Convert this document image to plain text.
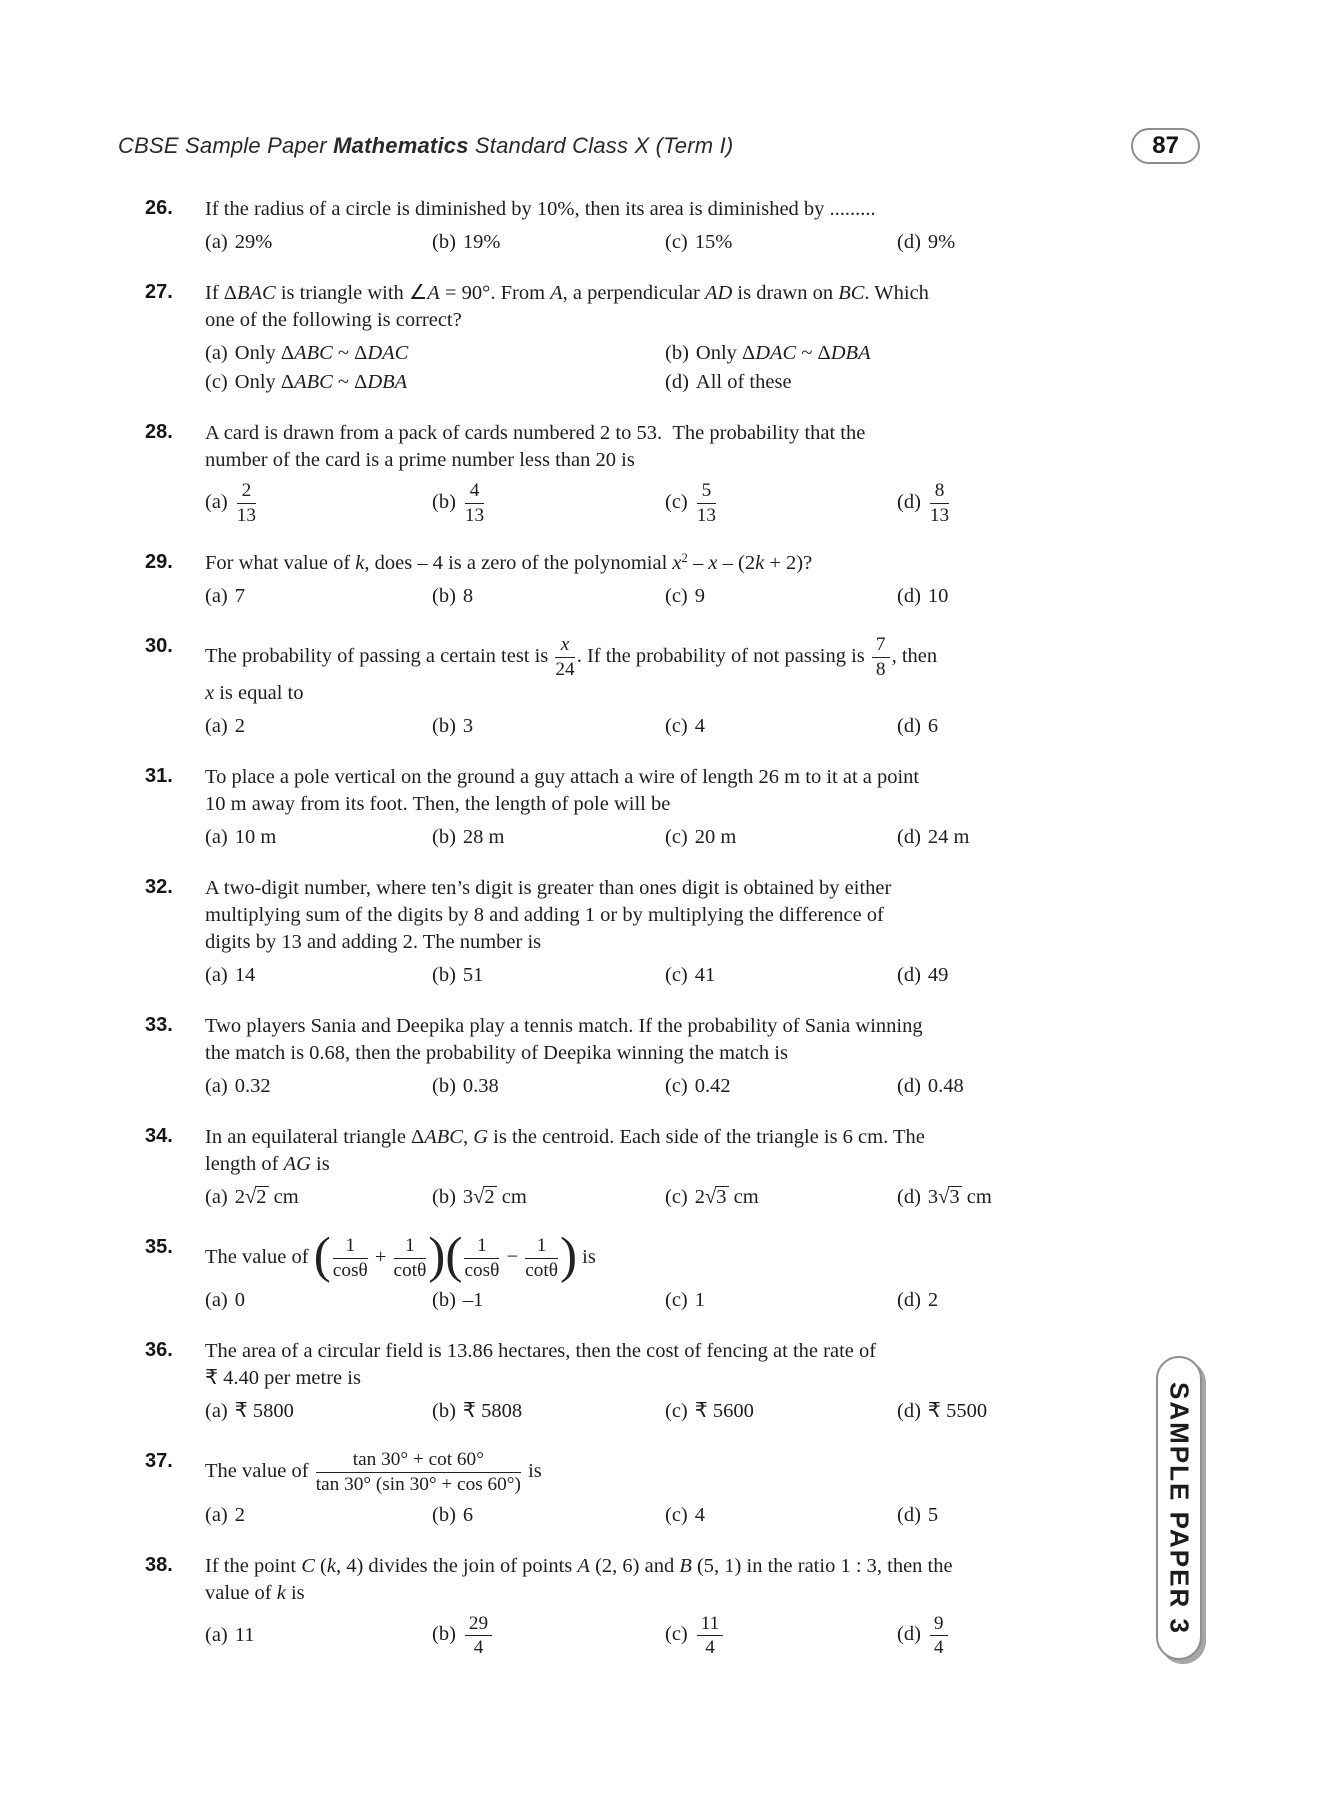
CBSE Sample Paper Mathematics Standard Class X (Term I)	87
26.	If the radius of a circle is diminished by 10%, then its area is diminished by .........
(a) 29%	(b) 19%	(c) 15%	(d) 9%
27.	If ΔBAC is triangle with ∠A = 90°. From A, a perpendicular AD is drawn on BC. Which
one of the following is correct?
(a) Only ΔABC ~ ΔDAC	(b) Only ΔDAC ~ ΔDBA
(c) Only ΔABC ~ ΔDBA	(d) All of these
28.	A card is drawn from a pack of cards numbered 2 to 53. The probability that the
number of the card is a prime number less than 20 is
$(a) \frac{2}{13}$	$(b) \frac{4}{13}$	$(c) \frac{5}{13}$	$(d) \frac{8}{13}$
29.	For what value of k, does – 4 is a zero of the polynomial $x^2 - x - (2k + 2)$?
(a) 7	(b) 8	(c) 9	(d) 10
30.	The probability of passing a certain test is $\frac{x}{24}$ . If the probability of not passing is $\frac{7}{8}$ , then
x is equal to
(a) 2	(b) 3	(c) 4	(d) 6
31.	To place a pole vertical on the ground a guy attach a wire of length 26 m to it at a point
10 m away from its foot. Then, the length of pole will be
(a) 10 m	(b) 28 m	(c) 20 m	(d) 24 m
32.	A two-digit number, where ten’s digit is greater than ones digit is obtained by either
multiplying sum of the digits by 8 and adding 1 or by multiplying the difference of
digits by 13 and adding 2. The number is
(a) 14	(b) 51	(c) 41	(d) 49
33.	Two players Sania and Deepika play a tennis match. If the probability of Sania winning
the match is 0.68, then the probability of Deepika winning the match is
(a) 0.32	(b) 0.38	(c) 0.42	(d) 0.48
34.	In an equilateral triangle ΔABC, G is the centroid. Each side of the triangle is 6 cm. The
length of AG is
(a) 2√2 cm	(b) 3√2 cm	(c) 2√3 cm	(d) 3√3 cm
35.	The value of ( $\frac{1}{\cos\theta} + \frac{1}{\cot\theta}$ )( $\frac{1}{\cos\theta} - \frac{1}{\cot\theta}$ ) is
(a) 0	(b) –1	(c) 1	(d) 2
36.	The area of a circular field is 13.86 hectares, then the cost of fencing at the rate of
₹ 4.40 per metre is
(a) ₹ 5800	(b) ₹ 5808	(c) ₹ 5600	(d) ₹ 5500
37.	The value of $\frac{\tan 30^\circ + \cot 60^\circ}{\tan 30^\circ (\sin 30^\circ + \cos 60^\circ)}$ is
(a) 2	(b) 6	(c) 4	(d) 5
38.	If the point C (k, 4) divides the join of points A (2, 6) and B (5, 1) in the ratio 1 : 3, then the
value of k is
(a) 11	$(b) \frac{29}{4}$	$(c) \frac{11}{4}$	$(d) \frac{9}{4}$
SAMPLE PAPER 3
